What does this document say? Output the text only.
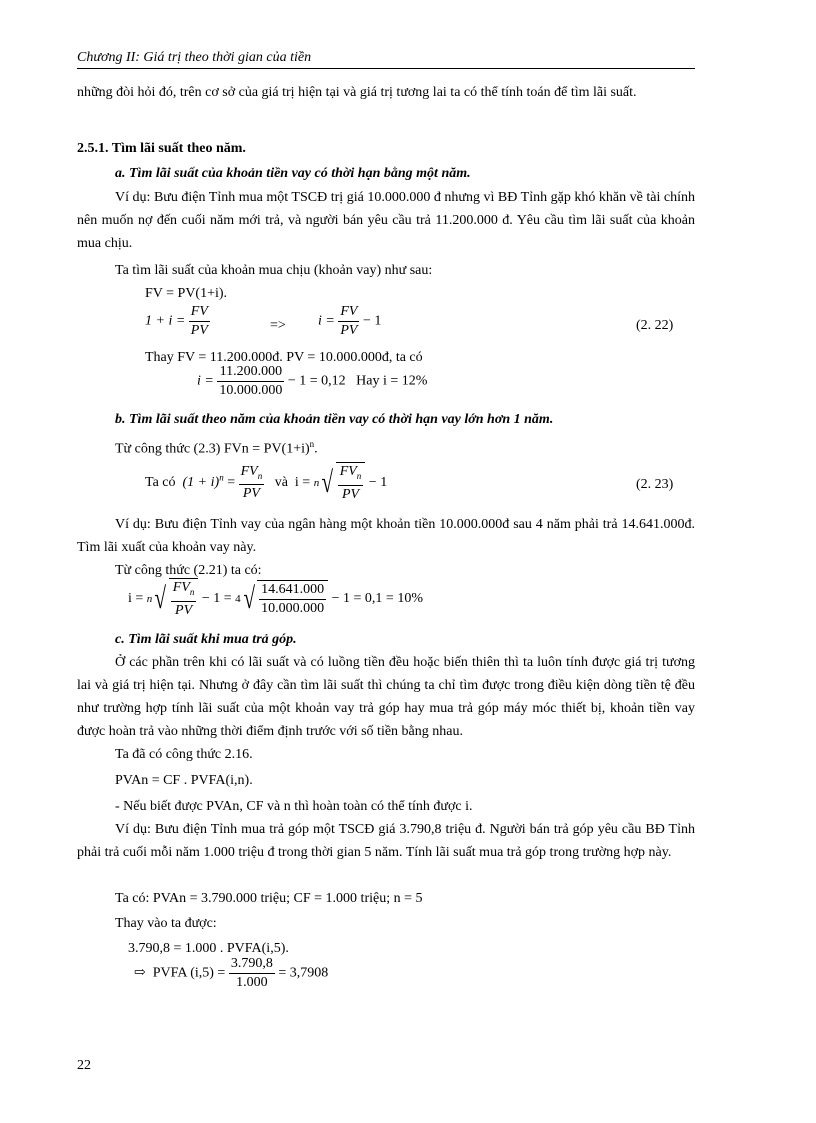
Chương II: Giá trị theo thời gian của tiền
những đòi hỏi đó, trên cơ sở của giá trị hiện tại và giá trị tương lai ta có thể tính toán để tìm lãi suất.
2.5.1. Tìm lãi suất theo năm.
a. Tìm lãi suất của khoản tiền vay có thời hạn bằng một năm.
Ví dụ: Bưu điện Tỉnh mua một TSCĐ trị giá 10.000.000 đ nhưng vì BĐ Tỉnh gặp khó khăn về tài chính nên muốn nợ đến cuối năm mới trả, và người bán yêu cầu trả 11.200.000 đ. Yêu cầu tìm lãi suất của khoản mua chịu.
Ta tìm lãi suất của khoản mua chịu (khoản vay) như sau:
FV = PV(1+i).
$1 + i = \frac{FV}{PV}$	=> $i = \frac{FV}{PV} - 1$	(2. 22)
Thay FV = 11.200.000đ. PV = 10.000.000đ, ta có
$i = \frac{11.200.000}{10.000.000} - 1 = 0,12$ Hay i = 12%
b. Tìm lãi suất theo năm của khoản tiền vay có thời hạn vay lớn hơn 1 năm.
Từ công thức (2.3) FVn = $PV(1+i)^n$.
Ta có $(1 + i)^n = \frac{FV_n}{PV}$ và $i = n√ \frac{FV_n}{PV} - 1$	(2. 23)
Ví dụ: Bưu điện Tỉnh vay của ngân hàng một khoản tiền 10.000.000đ sau 4 năm phải trả 14.641.000đ. Tìm lãi xuất của khoản vay này.
Từ công thức (2.21) ta có:
$i = n√ \frac{FV_n}{PV} - 1 = 4√ \frac{14.641.000}{10.000.000} - 1 = 0,1 = 10\%$
c. Tìm lãi suất khi mua trả góp.
Ở các phần trên khi có lãi suất và có luồng tiền đều hoặc biến thiên thì ta luôn tính được giá trị tương lai và giá trị hiện tại. Nhưng ở đây cần tìm lãi suất thì chúng ta chỉ tìm được trong điều kiện dòng tiền tệ đều như trường hợp tính lãi suất của một khoản vay trả góp hay mua trả góp máy móc thiết bị, khoản tiền vay được hoàn trả vào những thời điểm định trước với số tiền bằng nhau.
Ta đã có công thức 2.16.
PVAn = CF . PVFA(i,n).
- Nếu biết được PVAn, CF và n thì hoàn toàn có thể tính được i.
Ví dụ: Bưu điện Tỉnh mua trả góp một TSCĐ giá 3.790,8 triệu đ. Người bán trả góp yêu cầu BĐ Tỉnh phải trả cuối mỗi năm 1.000 triệu đ trong thời gian 5 năm. Tính lãi suất mua trả góp trong trường hợp này.
Ta có: PVAn = 3.790.000 triệu; CF = 1.000 triệu; n = 5
Thay vào ta được:
3.790,8 = 1.000 . PVFA(i,5).
⇨ PVFA $(i,5) = \frac{3.790,8}{1.000} = 3,7908$
22
